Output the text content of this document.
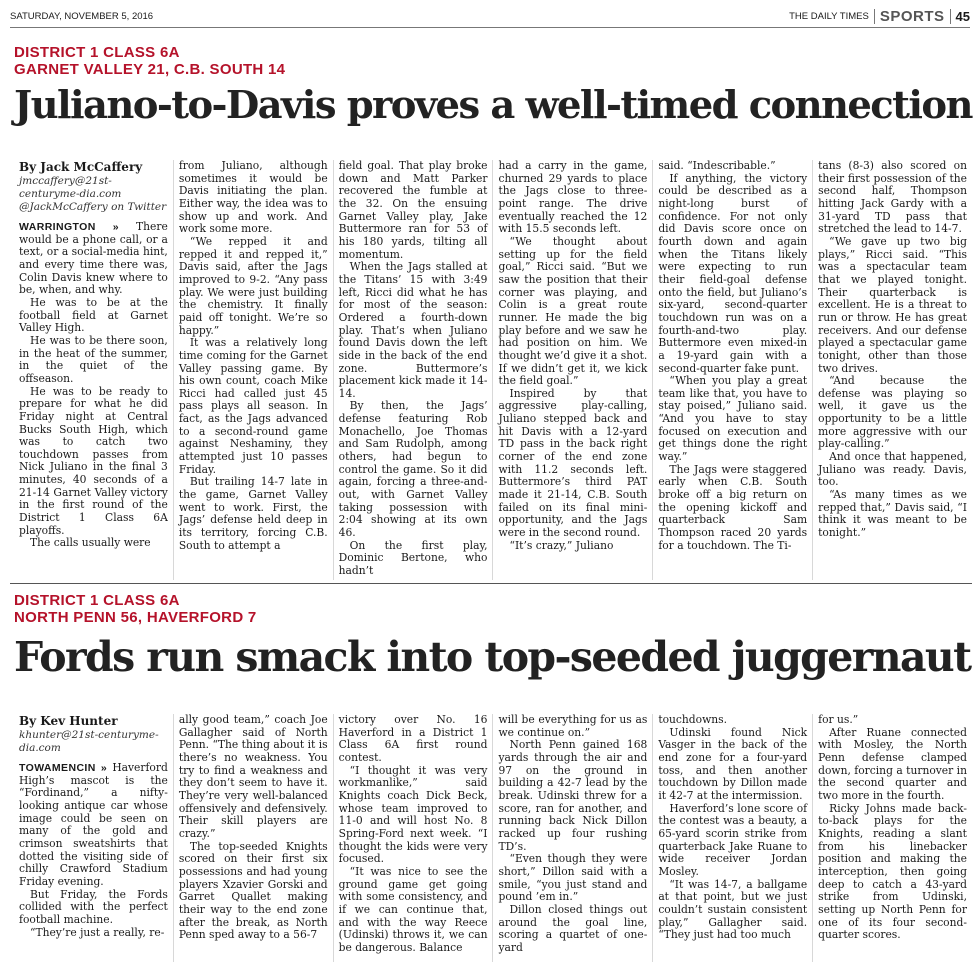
SATURDAY, NOVEMBER 5, 2016	THE DAILY TIMES SPORTS 45
DISTRICT 1 CLASS 6A
GARNET VALLEY 21, C.B. SOUTH 14
Juliano-to-Davis proves a well-timed connection
By Jack McCaffery
jmccaffery@21st-centuryme-dia.com
@JackMcCaffery on Twitter

WARRINGTON » There would be a phone call, or a text, or a social-media hint, and every time there was, Colin Davis knew where to be, when, and why.

He was to be at the football field at Garnet Valley High.

He was to be there soon, in the heat of the summer, in the quiet of the offseason.

He was to be ready to prepare for what he did Friday night at Central Bucks South High, which was to catch two touchdown passes from Nick Juliano in the final 3 minutes, 40 seconds of a 21-14 Garnet Valley victory in the first round of the District 1 Class 6A playoffs.

The calls usually were

from Juliano, although sometimes it would be Davis initiating the plan. Either way, the idea was to show up and work. And work some more.

“We repped it and repped it and repped it,” Davis said, after the Jags improved to 9-2. “Any pass play. We were just building the chemistry. It finally paid off tonight. We’re so happy.”

It was a relatively long time coming for the Garnet Valley passing game. By his own count, coach Mike Ricci had called just 45 pass plays all season. In fact, as the Jags advanced to a second-round game against Neshaminy, they attempted just 10 passes Friday.

But trailing 14-7 late in the game, Garnet Valley went to work. First, the Jags’ defense held deep in its territory, forcing C.B. South to attempt a

field goal. That play broke down and Matt Parker recovered the fumble at the 32. On the ensuing Garnet Valley play, Jake Buttermore ran for 53 of his 180 yards, tilting all momentum.

When the Jags stalled at the Titans’ 15 with 3:49 left, Ricci did what he has for most of the season: Ordered a fourth-down play. That’s when Juliano found Davis down the left side in the back of the end zone. Buttermore’s placement kick made it 14-14.

By then, the Jags’ defense featuring Rob Monachello, Joe Thomas and Sam Rudolph, among others, had begun to control the game. So it did again, forcing a three-and-out, with Garnet Valley taking possession with 2:04 showing at its own 46.

On the first play, Dominic Bertone, who hadn’t

had a carry in the game, churned 29 yards to place the Jags close to three-point range. The drive eventually reached the 12 with 15.5 seconds left.

“We thought about setting up for the field goal,” Ricci said. “But we saw the position that their corner was playing, and Colin is a great route runner. He made the big play before and we saw he had position on him. We thought we’d give it a shot. If we didn’t get it, we kick the field goal.”

Inspired by that aggressive play-calling, Juliano stepped back and hit Davis with a 12-yard TD pass in the back right corner of the end zone with 11.2 seconds left. Buttermore’s third PAT made it 21-14, C.B. South failed on its final mini-opportunity, and the Jags were in the second round.

“It’s crazy,” Juliano

said. “Indescribable.”

If anything, the victory could be described as a night-long burst of confidence. For not only did Davis score once on fourth down and again when the Titans likely were expecting to run their field-goal defense onto the field, but Juliano’s six-yard, second-quarter touchdown run was on a fourth-and-two play. Buttermore even mixed-in a 19-yard gain with a second-quarter fake punt.

“When you play a great team like that, you have to stay poised,” Juliano said. “And you have to stay focused on execution and get things done the right way.”

The Jags were staggered early when C.B. South broke off a big return on the opening kickoff and quarterback Sam Thompson raced 20 yards for a touchdown. The Ti-

tans (8-3) also scored on their first possession of the second half, Thompson hitting Jack Gardy with a 31-yard TD pass that stretched the lead to 14-7.

“We gave up two big plays,” Ricci said. “This was a spectacular team that we played tonight. Their quarterback is excellent. He is a threat to run or throw. He has great receivers. And our defense played a spectacular game tonight, other than those two drives.

“And because the defense was playing so well, it gave us the opportunity to be a little more aggressive with our play-calling.”

And once that happened, Juliano was ready. Davis, too.

“As many times as we repped that,” Davis said, “I think it was meant to be tonight.”

DISTRICT 1 CLASS 6A
NORTH PENN 56, HAVERFORD 7
Fords run smack into top-seeded juggernaut
By Kev Hunter
khunter@21st-centuryme-dia.com

TOWAMENCIN » Haverford High’s mascot is the “Fordinand,” a nifty-looking antique car whose image could be seen on many of the gold and crimson sweatshirts that dotted the visiting side of chilly Crawford Stadium Friday evening.

But Friday, the Fords collided with the perfect football machine.

“They’re just a really, re-

ally good team,” coach Joe Gallagher said of North Penn. “The thing about it is there’s no weakness. You try to find a weakness and they don’t seem to have it. They’re very well-balanced offensively and defensively. Their skill players are crazy.”

The top-seeded Knights scored on their first six possessions and had young players Xzavier Gorski and Garret Quallet making their way to the end zone after the break, as North Penn sped away to a 56-7

victory over No. 16 Haverford in a District 1 Class 6A first round contest.

“I thought it was very workmanlike,” said Knights coach Dick Beck, whose team improved to 11-0 and will host No. 8 Spring-Ford next week. “I thought the kids were very focused.

“It was nice to see the ground game get going with some consistency, and if we can continue that, and with the way Reece (Udinski) throws it, we can be dangerous. Balance

will be everything for us as we continue on.”

North Penn gained 168 yards through the air and 97 on the ground in building a 42-7 lead by the break. Udinski threw for a score, ran for another, and running back Nick Dillon racked up four rushing TD’s.

“Even though they were short,” Dillon said with a smile, “you just stand and pound ’em in.”

Dillon closed things out around the goal line, scoring a quartet of one-yard

touchdowns.

Udinski found Nick Vasger in the back of the end zone for a four-yard toss, and then another touchdown by Dillon made it 42-7 at the intermission.

Haverford’s lone score of the contest was a beauty, a 65-yard scorin strike from quarterback Jake Ruane to wide receiver Jordan Mosley.

“It was 14-7, a ballgame at that point, but we just couldn’t sustain consistent play,” Gallagher said. “They just had too much

for us.”

After Ruane connected with Mosley, the North Penn defense clamped down, forcing a turnover in the second quarter and two more in the fourth.

Ricky Johns made back-to-back plays for the Knights, reading a slant from his linebacker position and making the interception, then going deep to catch a 43-yard strike from Udinski, setting up North Penn for one of its four second-quarter scores.
